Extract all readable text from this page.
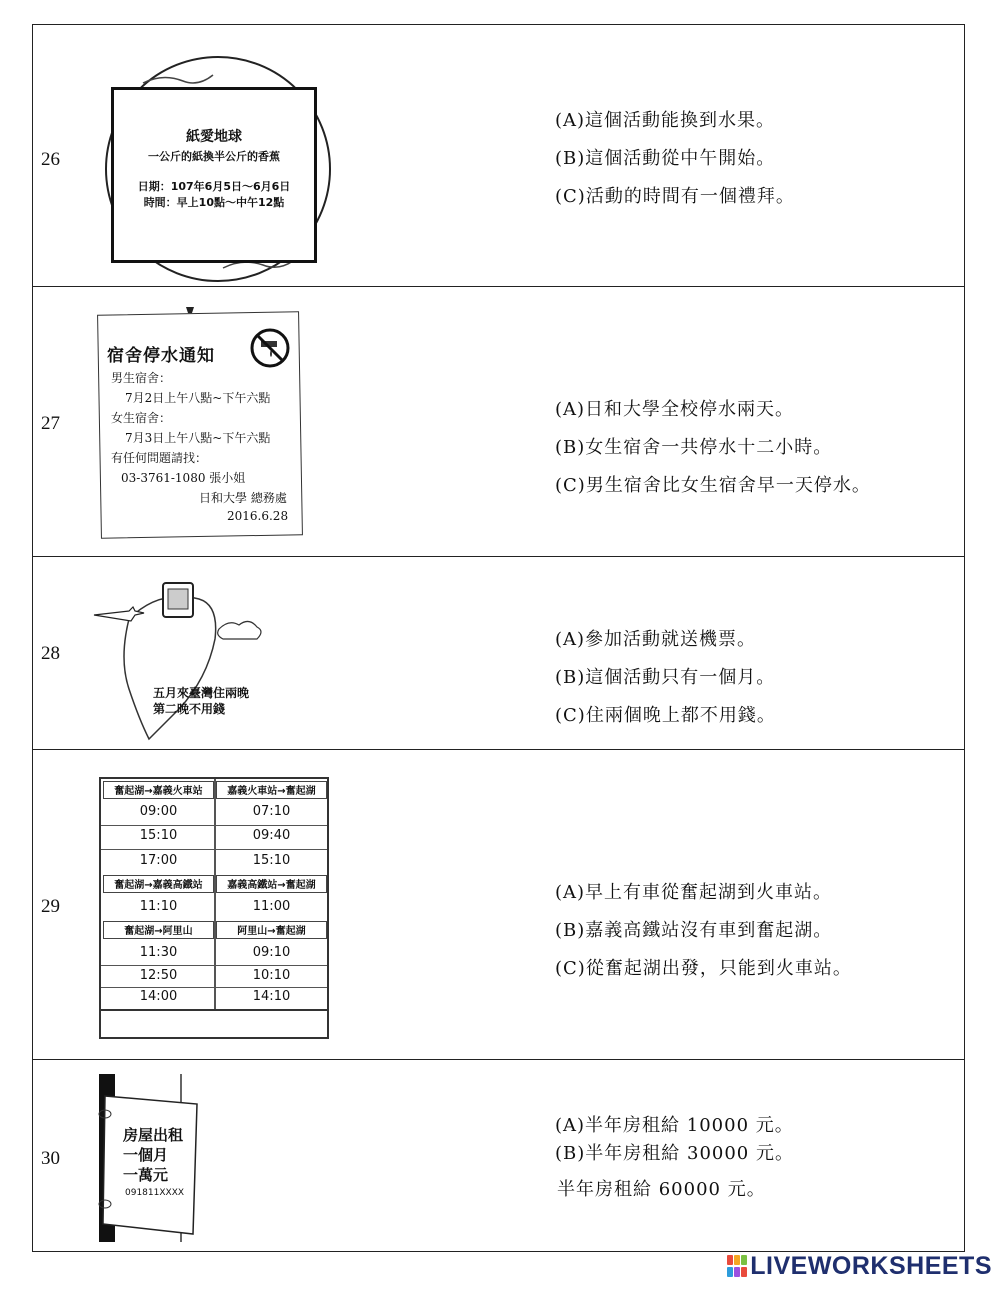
26
紙愛地球
一公斤的紙換半公斤的香蕉
日期：107年6月5日～6月6日
時間：早上10點～中午12點
(A)這個活動能換到水果。
(B)這個活動從中午開始。
(C)活動的時間有一個禮拜。
27
宿舍停水通知
男生宿舍：
7月2日上午八點~下午六點
女生宿舍：
7月3日上午八點~下午六點
有任何問題請找：
03-3761-1080 張小姐
日和大學 總務處
2016.6.28
(A)日和大學全校停水兩天。
(B)女生宿舍一共停水十二小時。
(C)男生宿舍比女生宿舍早一天停水。
28
五月來臺灣住兩晚
第二晚不用錢
(A)參加活動就送機票。
(B)這個活動只有一個月。
(C)住兩個晚上都不用錢。
29
(A)早上有車從奮起湖到火車站。
(B)嘉義高鐵站沒有車到奮起湖。
(C)從奮起湖出發，只能到火車站。
30
房屋出租
一個月
一萬元
091811XXXX
(A)半年房租給 10000 元。
(B)半年房租給 30000 元。
半年房租給 60000 元。
奮起湖→嘉義火車站	嘉義火車站→奮起湖
09:00	07:10
15:10	09:40
17:00	15:10
奮起湖→嘉義高鐵站	嘉義高鐵站→奮起湖
11:10	11:00
奮起湖→阿里山	阿里山→奮起湖
11:30	09:10
12:50	10:10
14:00	14:10
LIVEWORKSHEETS
